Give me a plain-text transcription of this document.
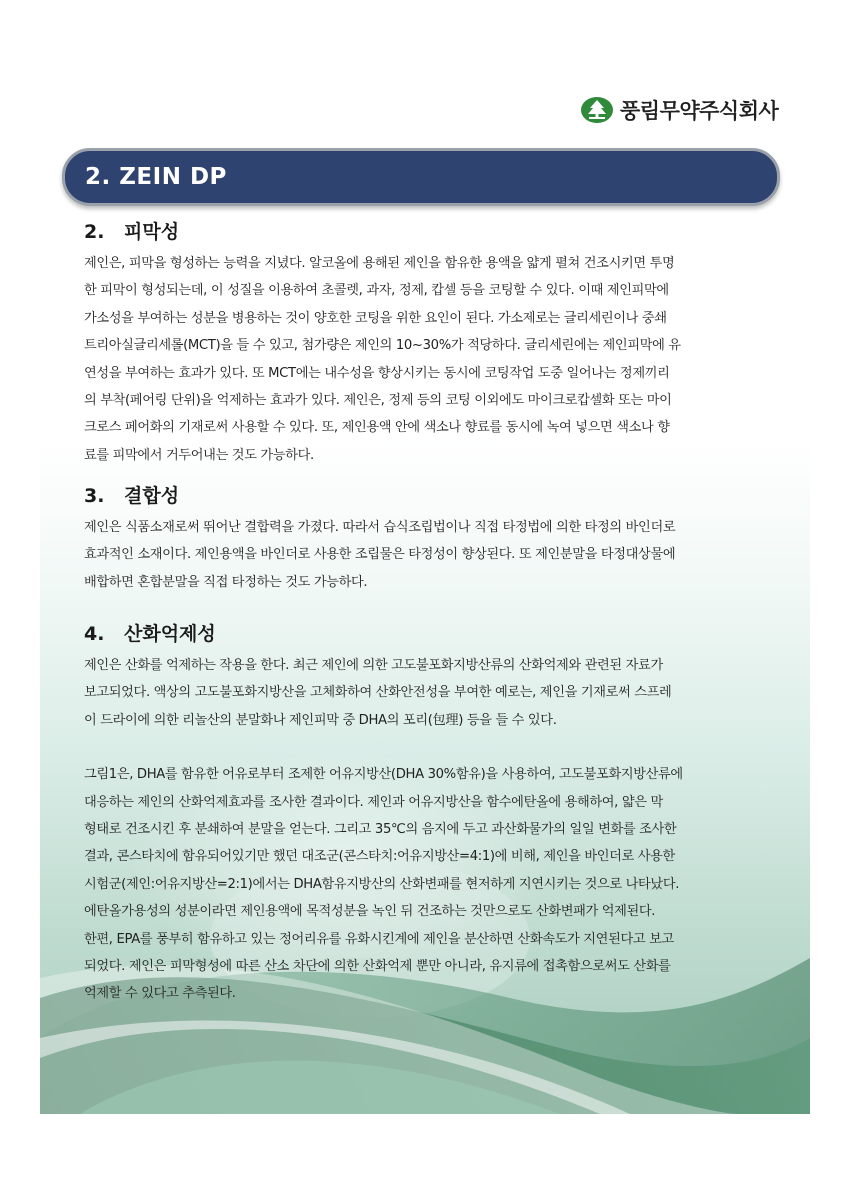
풍림무약주식회사
2. ZEIN DP
2. 피막성

제인은, 피막을 형성하는 능력을 지녔다. 알코올에 용해된 제인을 함유한 용액을 얇게 펼쳐 건조시키면 투명
한 피막이 형성되는데, 이 성질을 이용하여 초콜렛, 과자, 정제, 캅셀 등을 코팅할 수 있다. 이때 제인피막에
가소성을 부여하는 성분을 병용하는 것이 양호한 코팅을 위한 요인이 된다. 가소제로는 글리세린이나 중쇄
트리아실글리세롤(MCT)을 들 수 있고, 첨가량은 제인의 10~30%가 적당하다. 글리세린에는 제인피막에 유
연성을 부여하는 효과가 있다. 또 MCT에는 내수성을 향상시키는 동시에 코팅작업 도중 일어나는 정제끼리
의 부착(페어링 단위)을 억제하는 효과가 있다. 제인은, 정제 등의 코팅 이외에도 마이크로캅셀화 또는 마이
크로스 페어화의 기재로써 사용할 수 있다. 또, 제인용액 안에 색소나 향료를 동시에 녹여 넣으면 색소나 향
료를 피막에서 거두어내는 것도 가능하다.

3. 결합성

제인은 식품소재로써 뛰어난 결합력을 가졌다. 따라서 습식조립법이나 직접 타정법에 의한 타정의 바인더로
효과적인 소재이다. 제인용액을 바인더로 사용한 조립물은 타정성이 향상된다. 또 제인분말을 타정대상물에
배합하면 혼합분말을 직접 타정하는 것도 가능하다.

4. 산화억제성

제인은 산화를 억제하는 작용을 한다. 최근 제인에 의한 고도불포화지방산류의 산화억제와 관련된 자료가
보고되었다. 액상의 고도불포화지방산을 고체화하여 산화안전성을 부여한 예로는, 제인을 기재로써 스프레
이 드라이에 의한 리놀산의 분말화나 제인피막 중 DHA의 포리(包理) 등을 들 수 있다.

그림1은, DHA를 함유한 어유로부터 조제한 어유지방산(DHA 30%함유)을 사용하여, 고도불포화지방산류에
대응하는 제인의 산화억제효과를 조사한 결과이다. 제인과 어유지방산을 함수에탄올에 용해하여, 얇은 막
형태로 건조시킨 후 분쇄하여 분말을 얻는다. 그리고 35℃의 음지에 두고 과산화물가의 일일 변화를 조사한
결과, 콘스타치에 함유되어있기만 했던 대조군(콘스타치:어유지방산=4:1)에 비해, 제인을 바인더로 사용한
시험군(제인:어유지방산=2:1)에서는 DHA함유지방산의 산화변패를 현저하게 지연시키는 것으로 나타났다.
에탄올가용성의 성분이라면 제인용액에 목적성분을 녹인 뒤 건조하는 것만으로도 산화변패가 억제된다.
한편, EPA를 풍부히 함유하고 있는 정어리유를 유화시킨계에 제인을 분산하면 산화속도가 지연된다고 보고
되었다. 제인은 피막형성에 따른 산소 차단에 의한 산화억제 뿐만 아니라, 유지류에 접촉함으로써도 산화를
억제할 수 있다고 추측된다.
